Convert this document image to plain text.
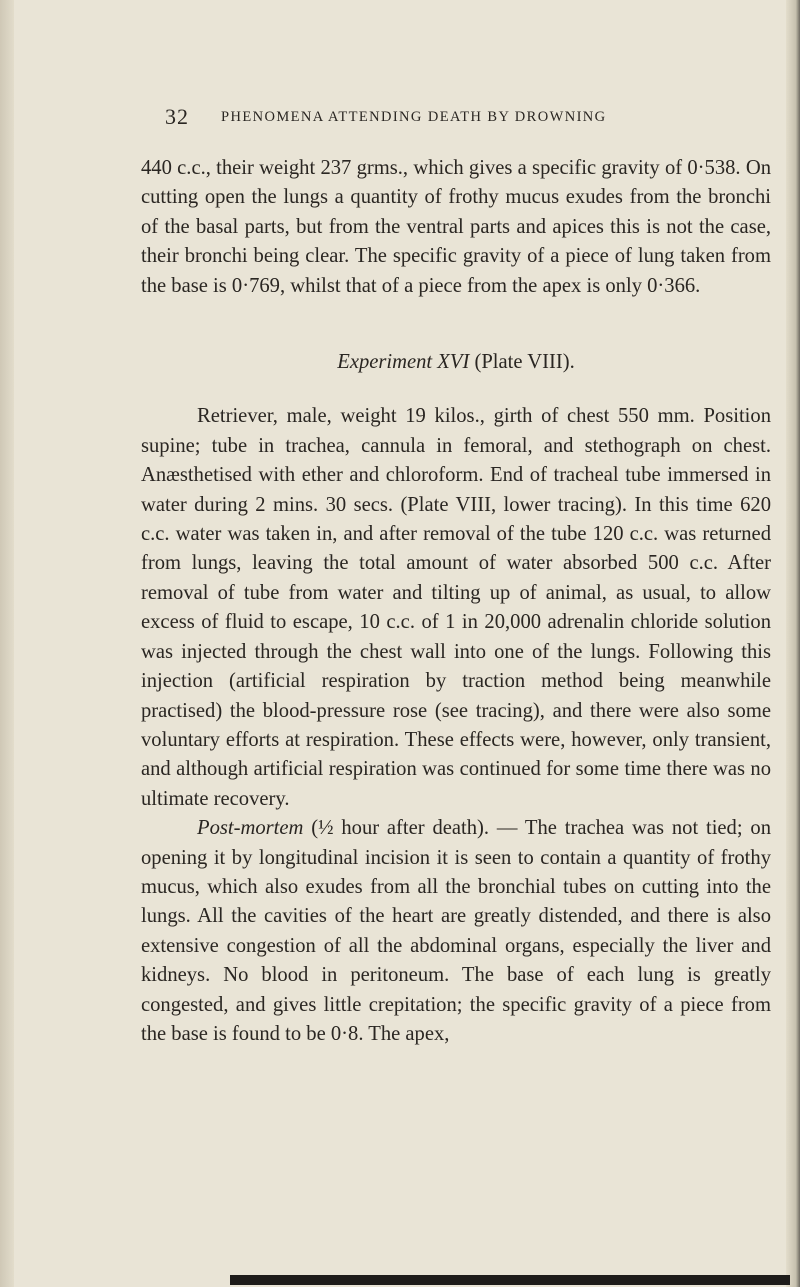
32 PHENOMENA ATTENDING DEATH BY DROWNING

440 c.c., their weight 237 grms., which gives a specific gravity of 0·538. On cutting open the lungs a quantity of frothy mucus exudes from the bronchi of the basal parts, but from the ventral parts and apices this is not the case, their bronchi being clear. The specific gravity of a piece of lung taken from the base is 0·769, whilst that of a piece from the apex is only 0·366.

Experiment XVI (Plate VIII).

Retriever, male, weight 19 kilos., girth of chest 550 mm. Position supine; tube in trachea, cannula in femoral, and stethograph on chest. Anæsthetised with ether and chloroform. End of tracheal tube immersed in water during 2 mins. 30 secs. (Plate VIII, lower tracing). In this time 620 c.c. water was taken in, and after removal of the tube 120 c.c. was returned from lungs, leaving the total amount of water absorbed 500 c.c. After removal of tube from water and tilting up of animal, as usual, to allow excess of fluid to escape, 10 c.c. of 1 in 20,000 adrenalin chloride solution was injected through the chest wall into one of the lungs. Following this injection (artificial respiration by traction method being meanwhile practised) the blood-pressure rose (see tracing), and there were also some voluntary efforts at respiration. These effects were, however, only transient, and although artificial respiration was continued for some time there was no ultimate recovery.

Post-mortem (½ hour after death). — The trachea was not tied; on opening it by longitudinal incision it is seen to contain a quantity of frothy mucus, which also exudes from all the bronchial tubes on cutting into the lungs. All the cavities of the heart are greatly distended, and there is also extensive congestion of all the abdominal organs, especially the liver and kidneys. No blood in peritoneum. The base of each lung is greatly congested, and gives little crepitation; the specific gravity of a piece from the base is found to be 0·8. The apex,
